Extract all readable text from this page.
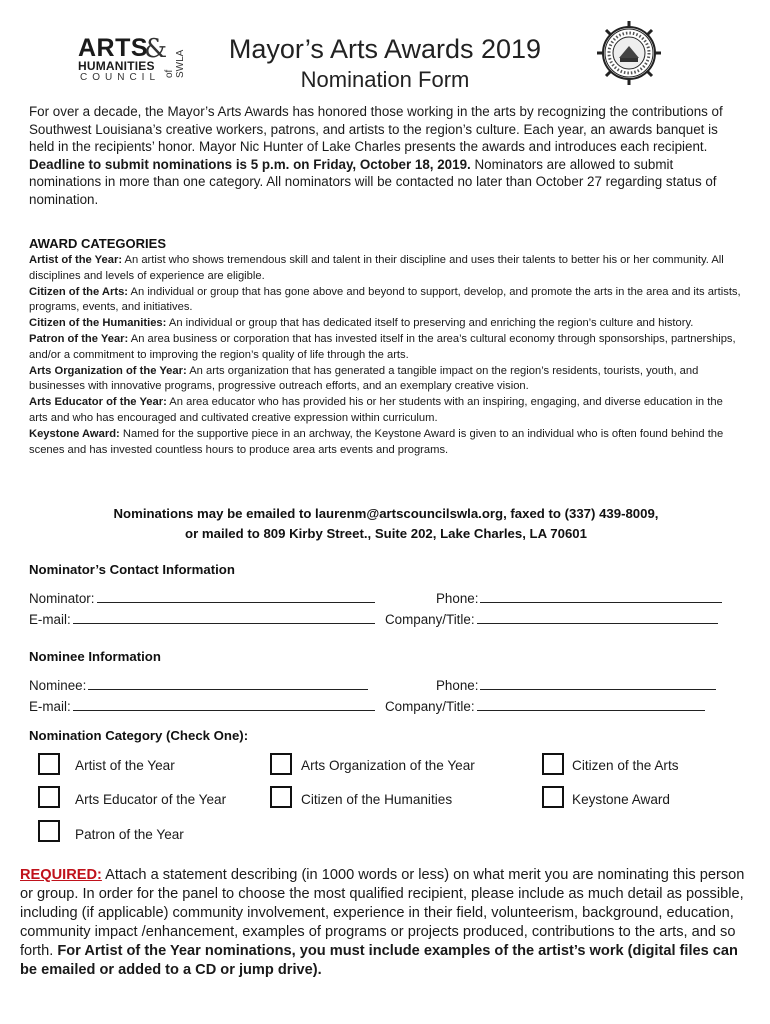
ARTS
&
HUMANITIES
COUNCIL of SWLA	Mayor’s Arts Awards 2019
Nomination Form
For over a decade, the Mayor’s Arts Awards has honored those working in the arts by recognizing the contributions of Southwest Louisiana’s creative workers, patrons, and artists to the region’s culture. Each year, an awards banquet is held in the recipients’ honor. Mayor Nic Hunter of Lake Charles presents the awards and introduces each recipient. Deadline to submit nominations is 5 p.m. on Friday, October 18, 2019. Nominators are allowed to submit nominations in more than one category. All nominators will be contacted no later than October 27 regarding status of nomination.
AWARD CATEGORIES

Artist of the Year: An artist who shows tremendous skill and talent in their discipline and uses their talents to better his or her community. All disciplines and levels of experience are eligible.

Citizen of the Arts: An individual or group that has gone above and beyond to support, develop, and promote the arts in the area and its artists, programs, events, and initiatives.

Citizen of the Humanities: An individual or group that has dedicated itself to preserving and enriching the region’s culture and history.

Patron of the Year: An area business or corporation that has invested itself in the area’s cultural economy through sponsorships, partnerships, and/or a commitment to improving the region’s quality of life through the arts.

Arts Organization of the Year: An arts organization that has generated a tangible impact on the region’s residents, tourists, youth, and businesses with innovative programs, progressive outreach efforts, and an exemplary creative vision.

Arts Educator of the Year: An area educator who has provided his or her students with an inspiring, engaging, and diverse education in the arts and who has encouraged and cultivated creative expression within curriculum.

Keystone Award: Named for the supportive piece in an archway, the Keystone Award is given to an individual who is often found behind the scenes and has invested countless hours to produce area arts events and programs.

Nominations may be emailed to laurenm@artscouncilswla.org, faxed to (337) 439-8009,
or mailed to 809 Kirby Street., Suite 202, Lake Charles, LA 70601
Nominator’s Contact Information
Nominator:	Phone:
E-mail:	Company/Title:
Nominee Information
Nominee:	Phone:
E-mail:	Company/Title:
Nomination Category (Check One):
Artist of the Year	Arts Organization of the Year	Citizen of the Arts
Arts Educator of the Year	Citizen of the Humanities	Keystone Award
Patron of the Year
REQUIRED: Attach a statement describing (in 1000 words or less) on what merit you are nominating this person or group. In order for the panel to choose the most qualified recipient, please include as much detail as possible, including (if applicable) community involvement, experience in their field, volunteerism, background, education, community impact /enhancement, examples of programs or projects produced, contributions to the arts, and so forth. For Artist of the Year nominations, you must include examples of the artist’s work (digital files can be emailed or added to a CD or jump drive).
